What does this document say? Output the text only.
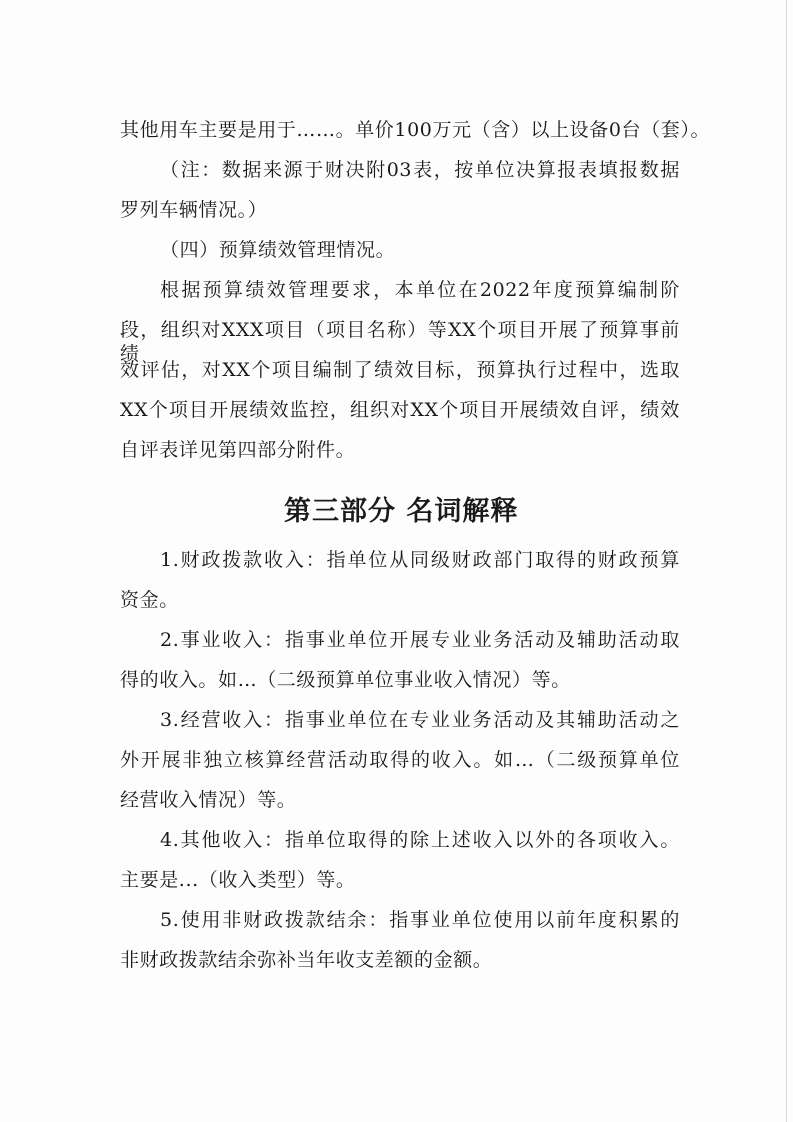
其他用车主要是用于……。单价100万元（含）以上设备0台（套）。
（注：数据来源于财决附03表，按单位决算报表填报数据
罗列车辆情况。）
（四）预算绩效管理情况。
根据预算绩效管理要求，本单位在2022年度预算编制阶
段，组织对XXX项目（项目名称）等XX个项目开展了预算事前绩
效评估，对XX个项目编制了绩效目标，预算执行过程中，选取
XX个项目开展绩效监控，组织对XX个项目开展绩效自评，绩效
自评表详见第四部分附件。
第三部分 名词解释
1.财政拨款收入：指单位从同级财政部门取得的财政预算
资金。
2.事业收入：指事业单位开展专业业务活动及辅助活动取
得的收入。如…（二级预算单位事业收入情况）等。
3.经营收入：指事业单位在专业业务活动及其辅助活动之
外开展非独立核算经营活动取得的收入。如…（二级预算单位
经营收入情况）等。
4.其他收入：指单位取得的除上述收入以外的各项收入。
主要是...（收入类型）等。
5.使用非财政拨款结余：指事业单位使用以前年度积累的
非财政拨款结余弥补当年收支差额的金额。
